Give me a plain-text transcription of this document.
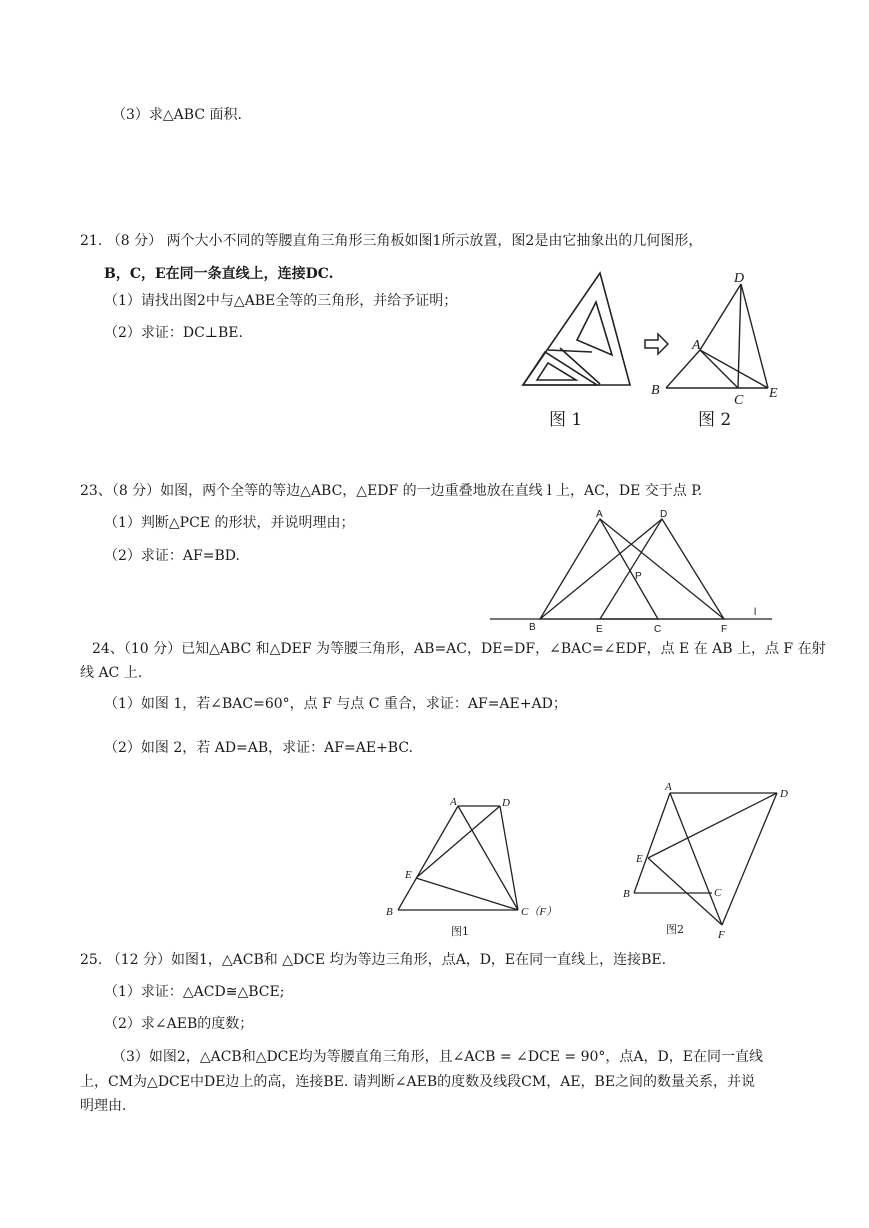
（3）求△ABC 面积.
21. （8 分） 两个大小不同的等腰直角三角形三角板如图1所示放置，图2是由它抽象出的几何图形，
B，C，E在同一条直线上，连接DC.
（1）请找出图2中与△ABE全等的三角形，并给予证明；
（2）求证：DC⊥BE.
图 1
D
A
B
C E
图 2
23、（8 分）如图，两个全等的等边△ABC，△EDF 的一边重叠地放在直线 l 上，AC，DE 交于点 P.
（1）判断△PCE 的形状，并说明理由；
（2）求证：AF=BD.
A	D
P
B	E	C	F
l
24、（10 分）已知△ABC 和△DEF 为等腰三角形，AB=AC，DE=DF，∠BAC=∠EDF，点 E 在 AB 上，点 F 在射
线 AC 上.
（1）如图 1，若∠BAC=60°，点 F 与点 C 重合，求证：AF=AE+AD；
（2）如图 2，若 AD=AB，求证：AF=AE+BC.
A	D
E
B	C（F）
图1
A
D
E
B	C
F
图2
25. （12 分）如图1，△ACB和 △DCE 均为等边三角形，点A，D，E在同一直线上，连接BE.
（1）求证：△ACD≅△BCE;
（2）求∠AEB的度数；
（3）如图2，△ACB和△DCE均为等腰直角三角形，且∠ACB = ∠DCE = 90°，点A，D，E在同一直线
上，CM为△DCE中DE边上的高，连接BE. 请判断∠AEB的度数及线段CM，AE，BE之间的数量关系，并说
明理由.
